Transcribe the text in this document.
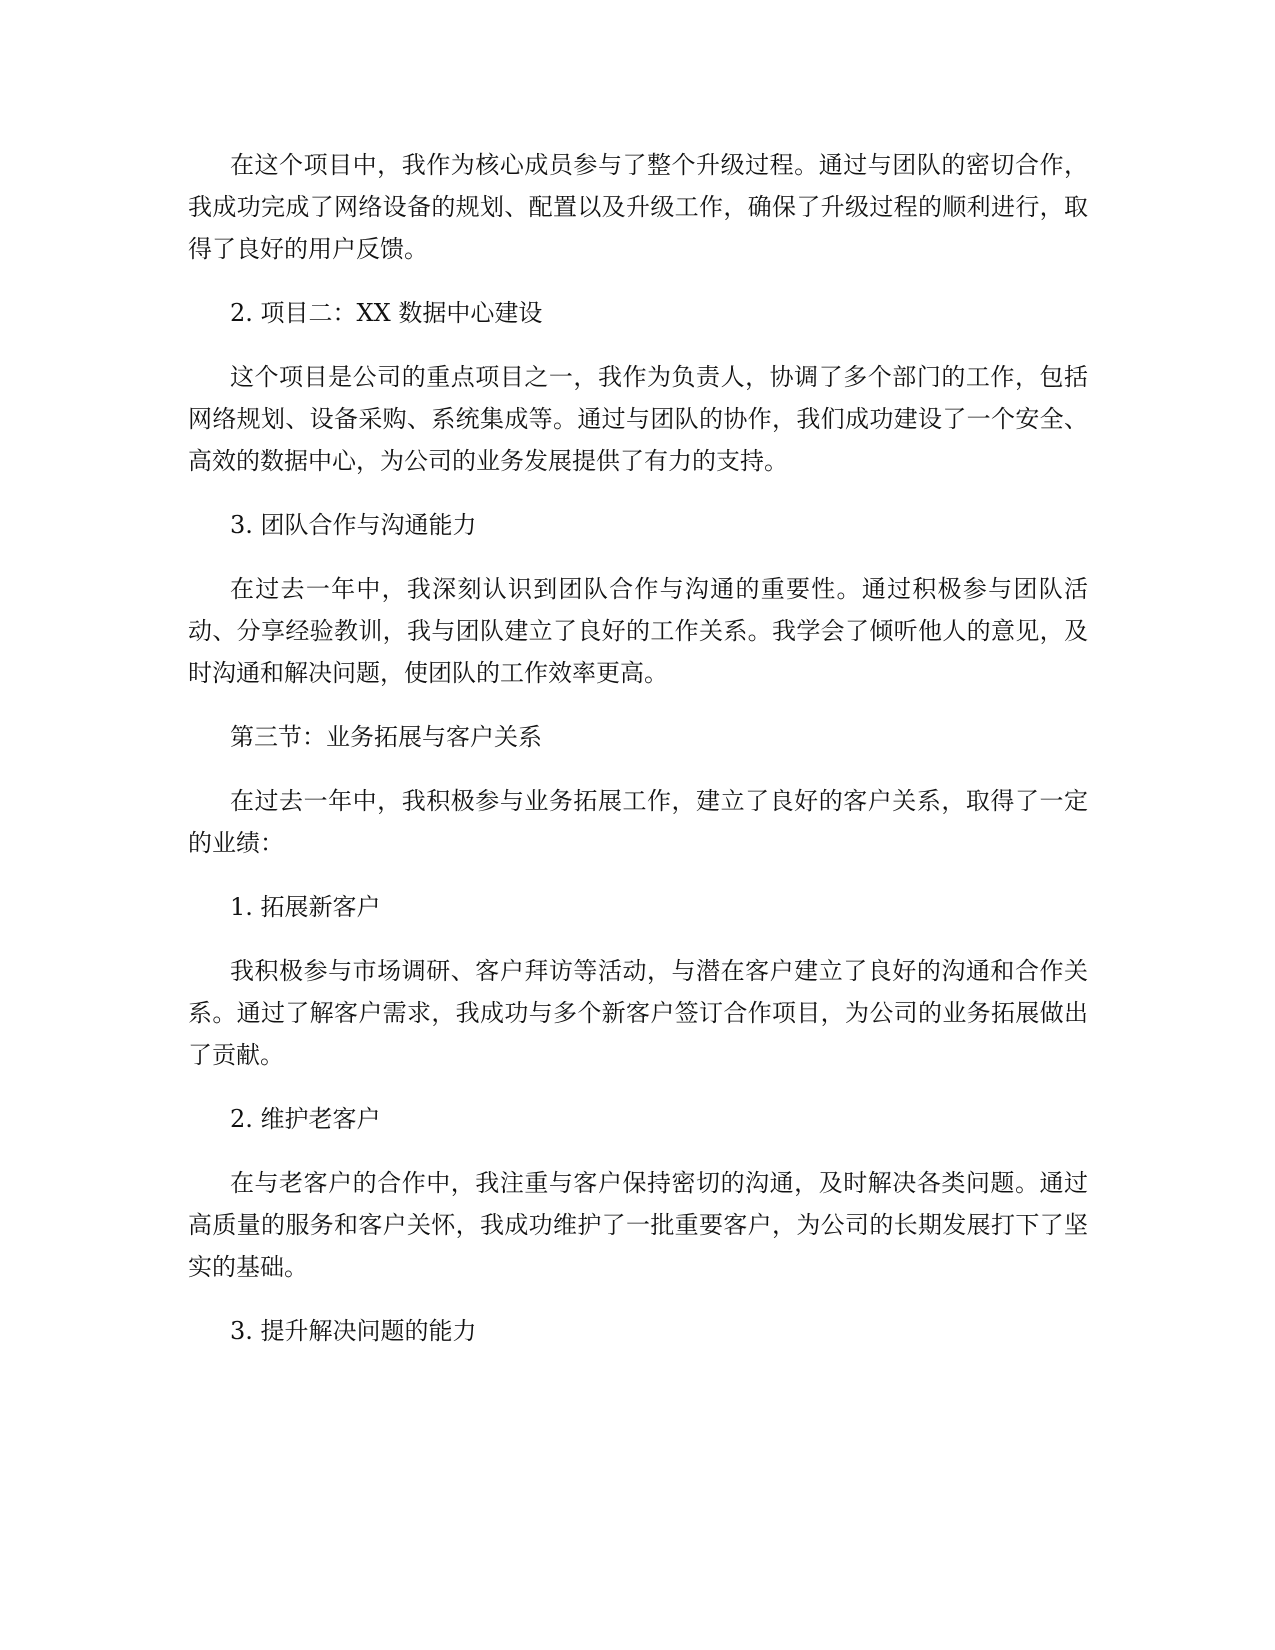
在这个项目中，我作为核心成员参与了整个升级过程。通过与团队的密切合作，我成功完成了网络设备的规划、配置以及升级工作，确保了升级过程的顺利进行，取得了良好的用户反馈。

2. 项目二：XX 数据中心建设

这个项目是公司的重点项目之一，我作为负责人，协调了多个部门的工作，包括网络规划、设备采购、系统集成等。通过与团队的协作，我们成功建设了一个安全、高效的数据中心，为公司的业务发展提供了有力的支持。

3. 团队合作与沟通能力

在过去一年中，我深刻认识到团队合作与沟通的重要性。通过积极参与团队活动、分享经验教训，我与团队建立了良好的工作关系。我学会了倾听他人的意见，及时沟通和解决问题，使团队的工作效率更高。

第三节：业务拓展与客户关系

在过去一年中，我积极参与业务拓展工作，建立了良好的客户关系，取得了一定的业绩：

1. 拓展新客户

我积极参与市场调研、客户拜访等活动，与潜在客户建立了良好的沟通和合作关系。通过了解客户需求，我成功与多个新客户签订合作项目，为公司的业务拓展做出了贡献。

2. 维护老客户

在与老客户的合作中，我注重与客户保持密切的沟通，及时解决各类问题。通过高质量的服务和客户关怀，我成功维护了一批重要客户，为公司的长期发展打下了坚实的基础。

3. 提升解决问题的能力
